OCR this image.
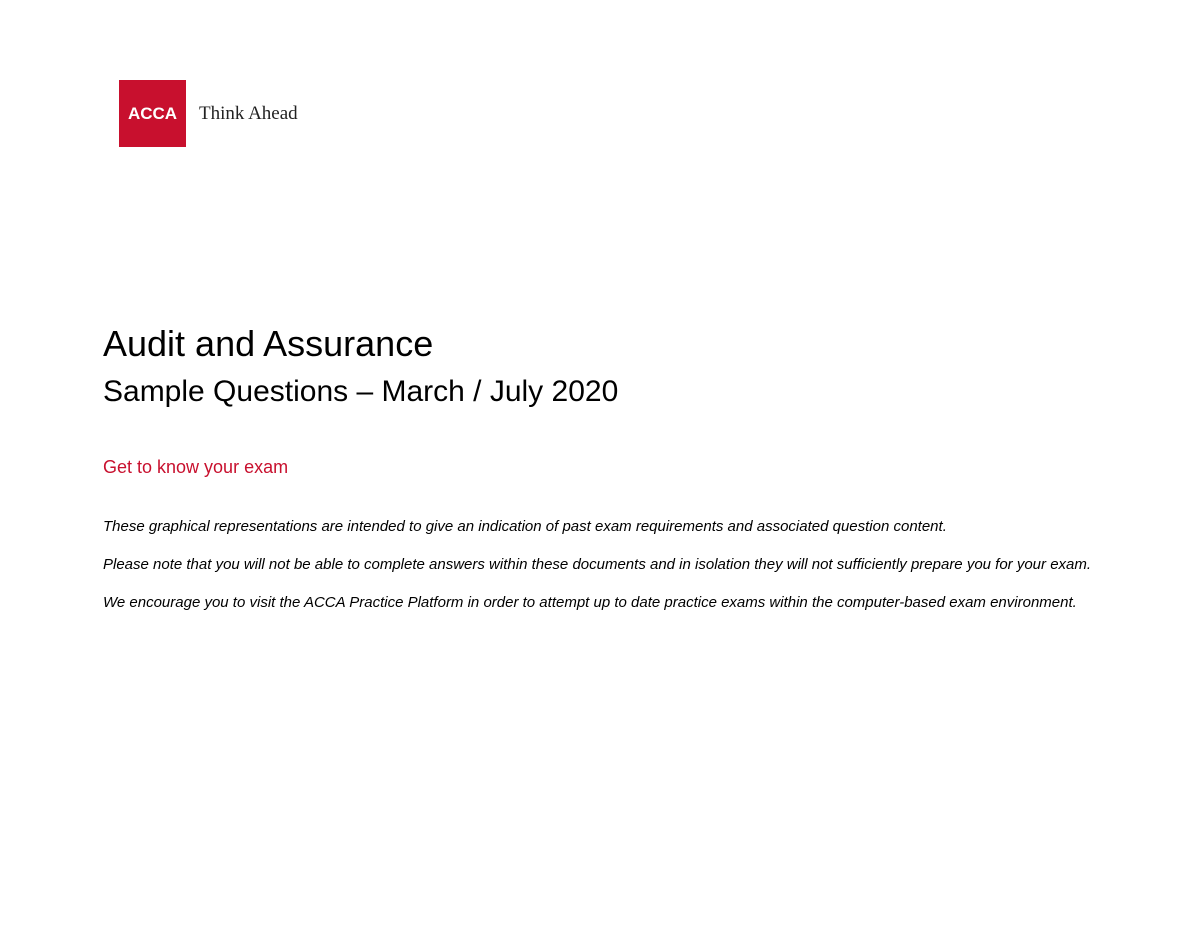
ACCA Think Ahead
Audit and Assurance
Sample Questions – March / July 2020
Get to know your exam

These graphical representations are intended to give an indication of past exam requirements and associated question content.

Please note that you will not be able to complete answers within these documents and in isolation they will not sufficiently prepare you for your exam.

We encourage you to visit the ACCA Practice Platform in order to attempt up to date practice exams within the computer-based exam environment.
